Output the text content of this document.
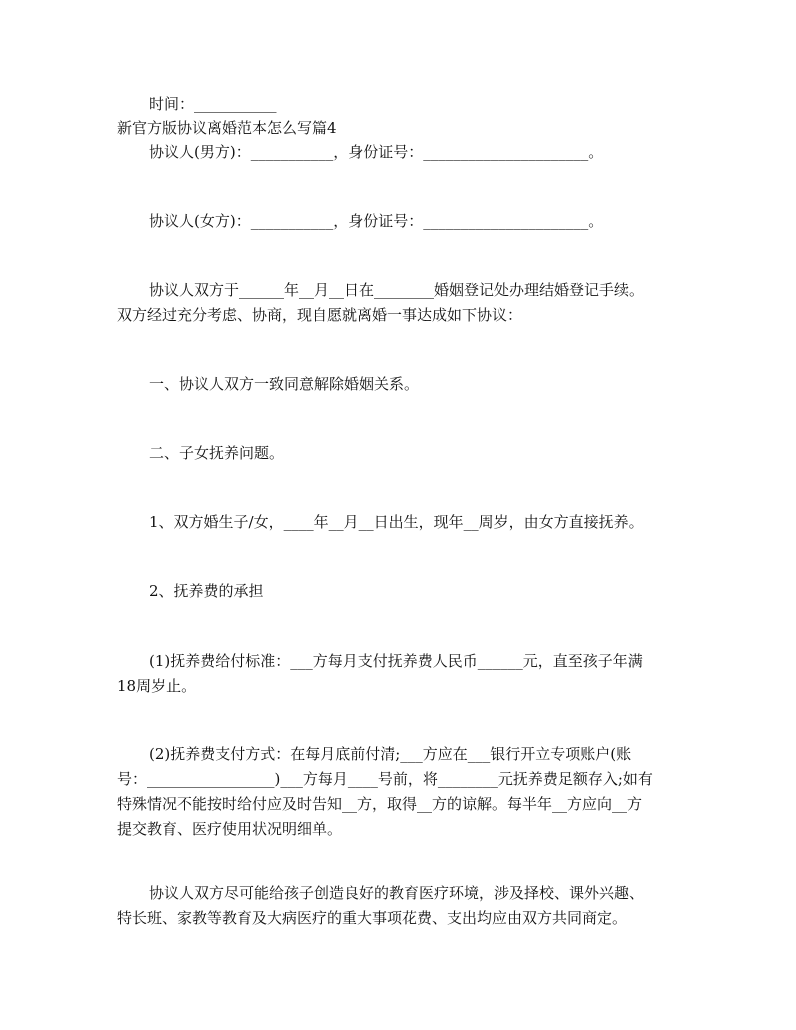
时间：___________
新官方版协议离婚范本怎么写篇4
协议人(男方)：___________，身份证号：______________________。
协议人(女方)：___________，身份证号：______________________。
协议人双方于______年__月__日在________婚姻登记处办理结婚登记手续。
双方经过充分考虑、协商，现自愿就离婚一事达成如下协议：
一、协议人双方一致同意解除婚姻关系。
二、子女抚养问题。
1、双方婚生子/女，____年__月__日出生，现年__周岁，由女方直接抚养。
2、抚养费的承担
(1)抚养费给付标准：___方每月支付抚养费人民币______元，直至孩子年满
18周岁止。
(2)抚养费支付方式：在每月底前付清;___方应在___银行开立专项账户(账
号：_________________)___方每月____号前，将________元抚养费足额存入;如有
特殊情况不能按时给付应及时告知__方，取得__方的谅解。每半年__方应向__方
提交教育、医疗使用状况明细单。
协议人双方尽可能给孩子创造良好的教育医疗环境，涉及择校、课外兴趣、
特长班、家教等教育及大病医疗的重大事项花费、支出均应由双方共同商定。
